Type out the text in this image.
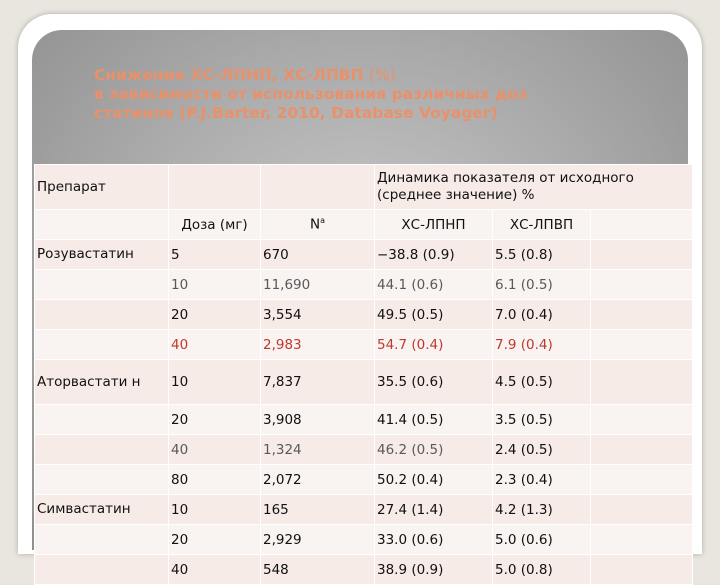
Снижение ХС-ЛПНП, ХС-ЛПВП (%)
в зависимости от использования различных доз
статинов (P.J.Barter, 2010, Database Voyager)
Препарат			Динамика показателя от исходного (среднее значение) %		
	Доза (мг)	$N^a$	ХС-ЛПНП	ХС-ЛПВП	
Розувастатин	5	670	−38.8 (0.9)	5.5 (0.8)	
	10	11,690	44.1 (0.6)	6.1 (0.5)	
	20	3,554	49.5 (0.5)	7.0 (0.4)	
	40	2,983	54.7 (0.4)	7.9 (0.4)	
Аторвастати н	10	7,837	35.5 (0.6)	4.5 (0.5)	
	20	3,908	41.4 (0.5)	3.5 (0.5)	
	40	1,324	46.2 (0.5)	2.4 (0.5)	
	80	2,072	50.2 (0.4)	2.3 (0.4)	
Симвастатин	10	165	27.4 (1.4)	4.2 (1.3)	
	20	2,929	33.0 (0.6)	5.0 (0.6)	
	40	548	38.9 (0.9)	5.0 (0.8)	
